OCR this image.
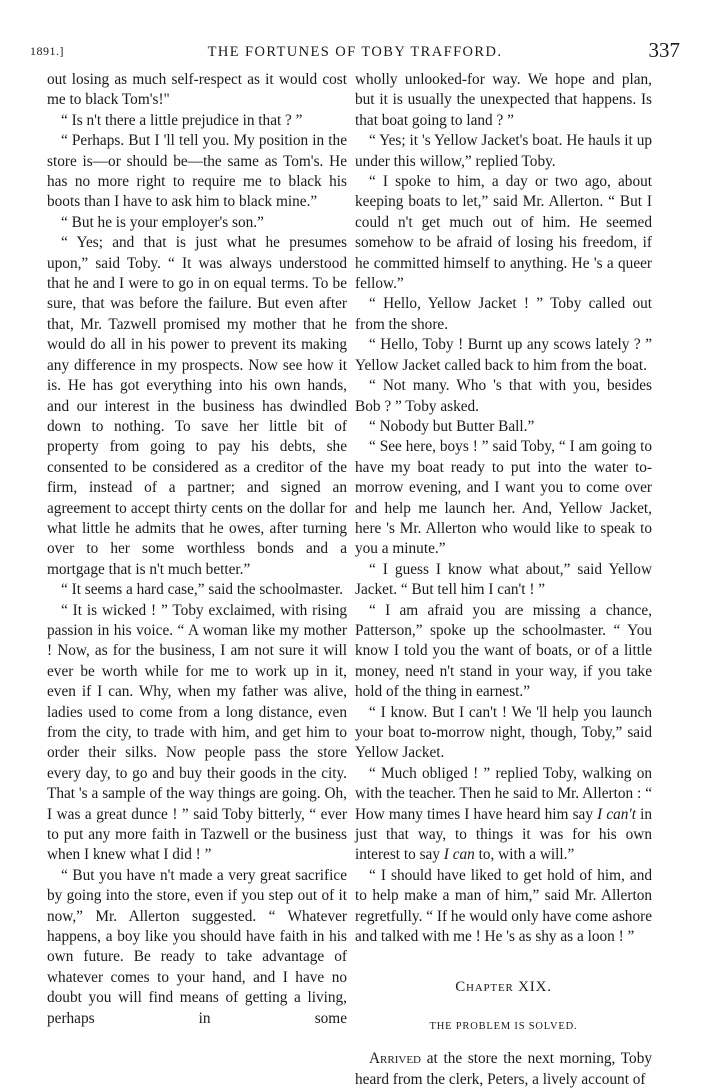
1891.]	THE FORTUNES OF TOBY TRAFFORD.	337

out losing as much self-respect as it would cost me to black Tom's!"

“ Is n't there a little prejudice in that ? ”

“ Perhaps. But I 'll tell you. My position in the store is—or should be—the same as Tom's. He has no more right to require me to black his boots than I have to ask him to black mine.”

“ But he is your employer's son.”

“ Yes; and that is just what he presumes upon,” said Toby. “ It was always understood that he and I were to go in on equal terms. To be sure, that was before the failure. But even after that, Mr. Tazwell promised my mother that he would do all in his power to prevent its making any difference in my prospects. Now see how it is. He has got everything into his own hands, and our interest in the business has dwindled down to nothing. To save her little bit of property from going to pay his debts, she consented to be considered as a creditor of the firm, instead of a partner; and signed an agreement to accept thirty cents on the dollar for what little he admits that he owes, after turning over to her some worthless bonds and a mortgage that is n't much better.”

“ It seems a hard case,” said the schoolmaster.

“ It is wicked ! ” Toby exclaimed, with rising passion in his voice. “ A woman like my mother ! Now, as for the business, I am not sure it will ever be worth while for me to work up in it, even if I can. Why, when my father was alive, ladies used to come from a long distance, even from the city, to trade with him, and get him to order their silks. Now people pass the store every day, to go and buy their goods in the city. That 's a sample of the way things are going. Oh, I was a great dunce ! ” said Toby bitterly, “ ever to put any more faith in Tazwell or the business when I knew what I did ! ”

“ But you have n't made a very great sacrifice by going into the store, even if you step out of it now,” Mr. Allerton suggested. “ Whatever happens, a boy like you should have faith in his own future. Be ready to take advantage of whatever comes to your hand, and I have no doubt you will find means of getting a living, perhaps in some

wholly unlooked-for way. We hope and plan, but it is usually the unexpected that happens. Is that boat going to land ? ”

“ Yes; it 's Yellow Jacket's boat. He hauls it up under this willow,” replied Toby.

“ I spoke to him, a day or two ago, about keeping boats to let,” said Mr. Allerton. “ But I could n't get much out of him. He seemed somehow to be afraid of losing his freedom, if he committed himself to anything. He 's a queer fellow.”

“ Hello, Yellow Jacket ! ” Toby called out from the shore.

“ Hello, Toby ! Burnt up any scows lately ? ” Yellow Jacket called back to him from the boat.

“ Not many. Who 's that with you, besides Bob ? ” Toby asked.

“ Nobody but Butter Ball.”

“ See here, boys ! ” said Toby, “ I am going to have my boat ready to put into the water to-morrow evening, and I want you to come over and help me launch her. And, Yellow Jacket, here 's Mr. Allerton who would like to speak to you a minute.”

“ I guess I know what about,” said Yellow Jacket. “ But tell him I can't ! ”

“ I am afraid you are missing a chance, Patterson,” spoke up the schoolmaster. “ You know I told you the want of boats, or of a little money, need n't stand in your way, if you take hold of the thing in earnest.”

“ I know. But I can't ! We 'll help you launch your boat to-morrow night, though, Toby,” said Yellow Jacket.

“ Much obliged ! ” replied Toby, walking on with the teacher. Then he said to Mr. Allerton : “ How many times I have heard him say I can't in just that way, to things it was for his own interest to say I can to, with a will.”

“ I should have liked to get hold of him, and to help make a man of him,” said Mr. Allerton regretfully. “ If he would only have come ashore and talked with me ! He 's as shy as a loon ! ”

Chapter XIX.
THE PROBLEM IS SOLVED.

Arrived at the store the next morning, Toby heard from the clerk, Peters, a lively account of
